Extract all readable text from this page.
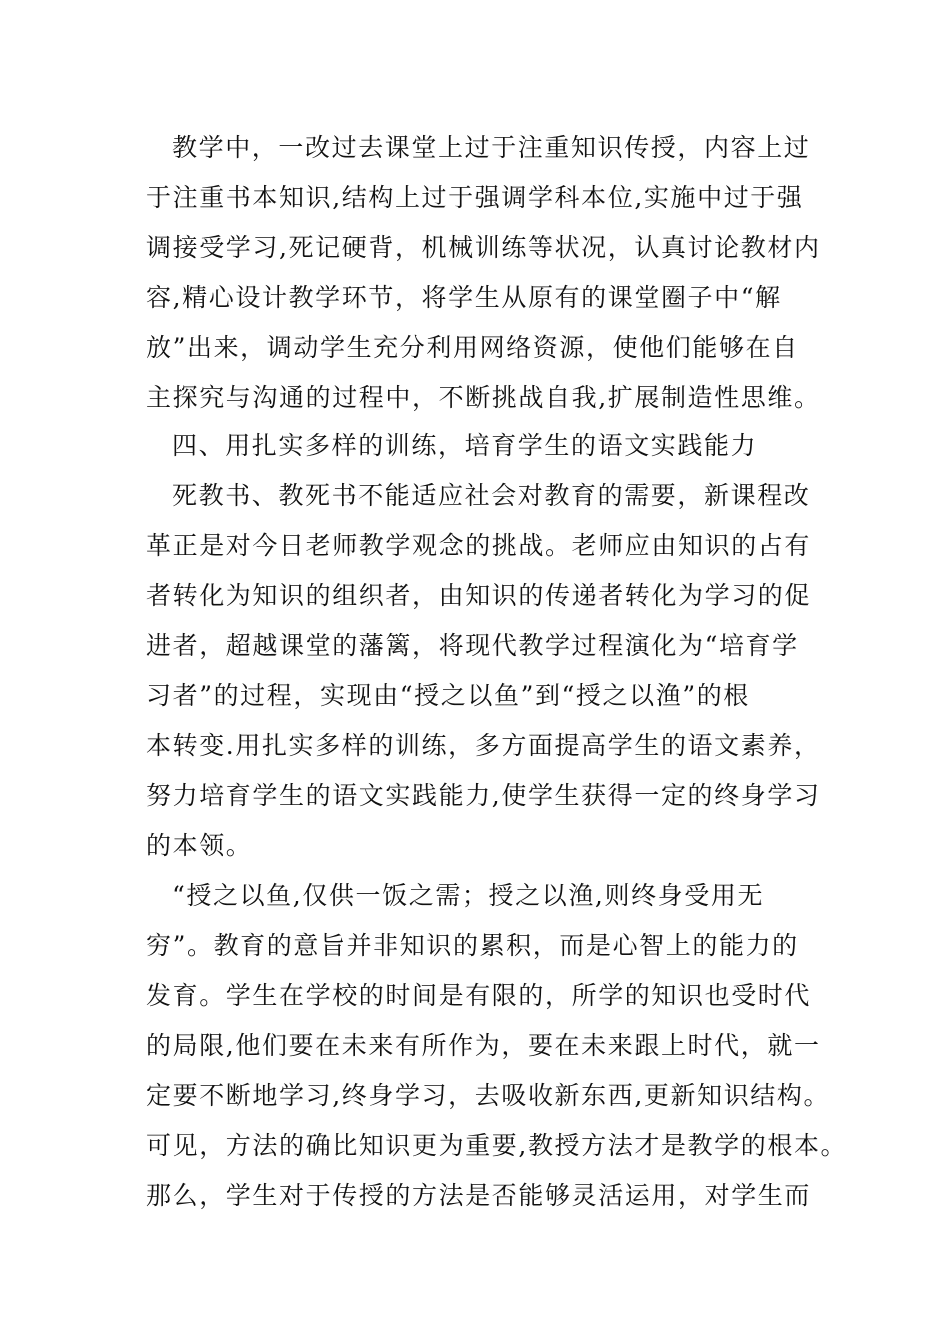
教学中，一改过去课堂上过于注重知识传授，内容上过
于注重书本知识,结构上过于强调学科本位,实施中过于强
调接受学习,死记硬背，机械训练等状况，认真讨论教材内
容,精心设计教学环节，将学生从原有的课堂圈子中“解
放”出来，调动学生充分利用网络资源，使他们能够在自
主探究与沟通的过程中，不断挑战自我,扩展制造性思维。
四、用扎实多样的训练，培育学生的语文实践能力
死教书、教死书不能适应社会对教育的需要，新课程改
革正是对今日老师教学观念的挑战。老师应由知识的占有
者转化为知识的组织者，由知识的传递者转化为学习的促
进者，超越课堂的藩篱，将现代教学过程演化为“培育学
习者”的过程，实现由“授之以鱼”到“授之以渔”的根
本转变.用扎实多样的训练，多方面提高学生的语文素养，
努力培育学生的语文实践能力,使学生获得一定的终身学习
的本领。
“授之以鱼,仅供一饭之需；授之以渔,则终身受用无
穷”。教育的意旨并非知识的累积，而是心智上的能力的
发育。学生在学校的时间是有限的，所学的知识也受时代
的局限,他们要在未来有所作为，要在未来跟上时代，就一
定要不断地学习,终身学习，去吸收新东西,更新知识结构。
可见，方法的确比知识更为重要,教授方法才是教学的根本。
那么，学生对于传授的方法是否能够灵活运用，对学生而
